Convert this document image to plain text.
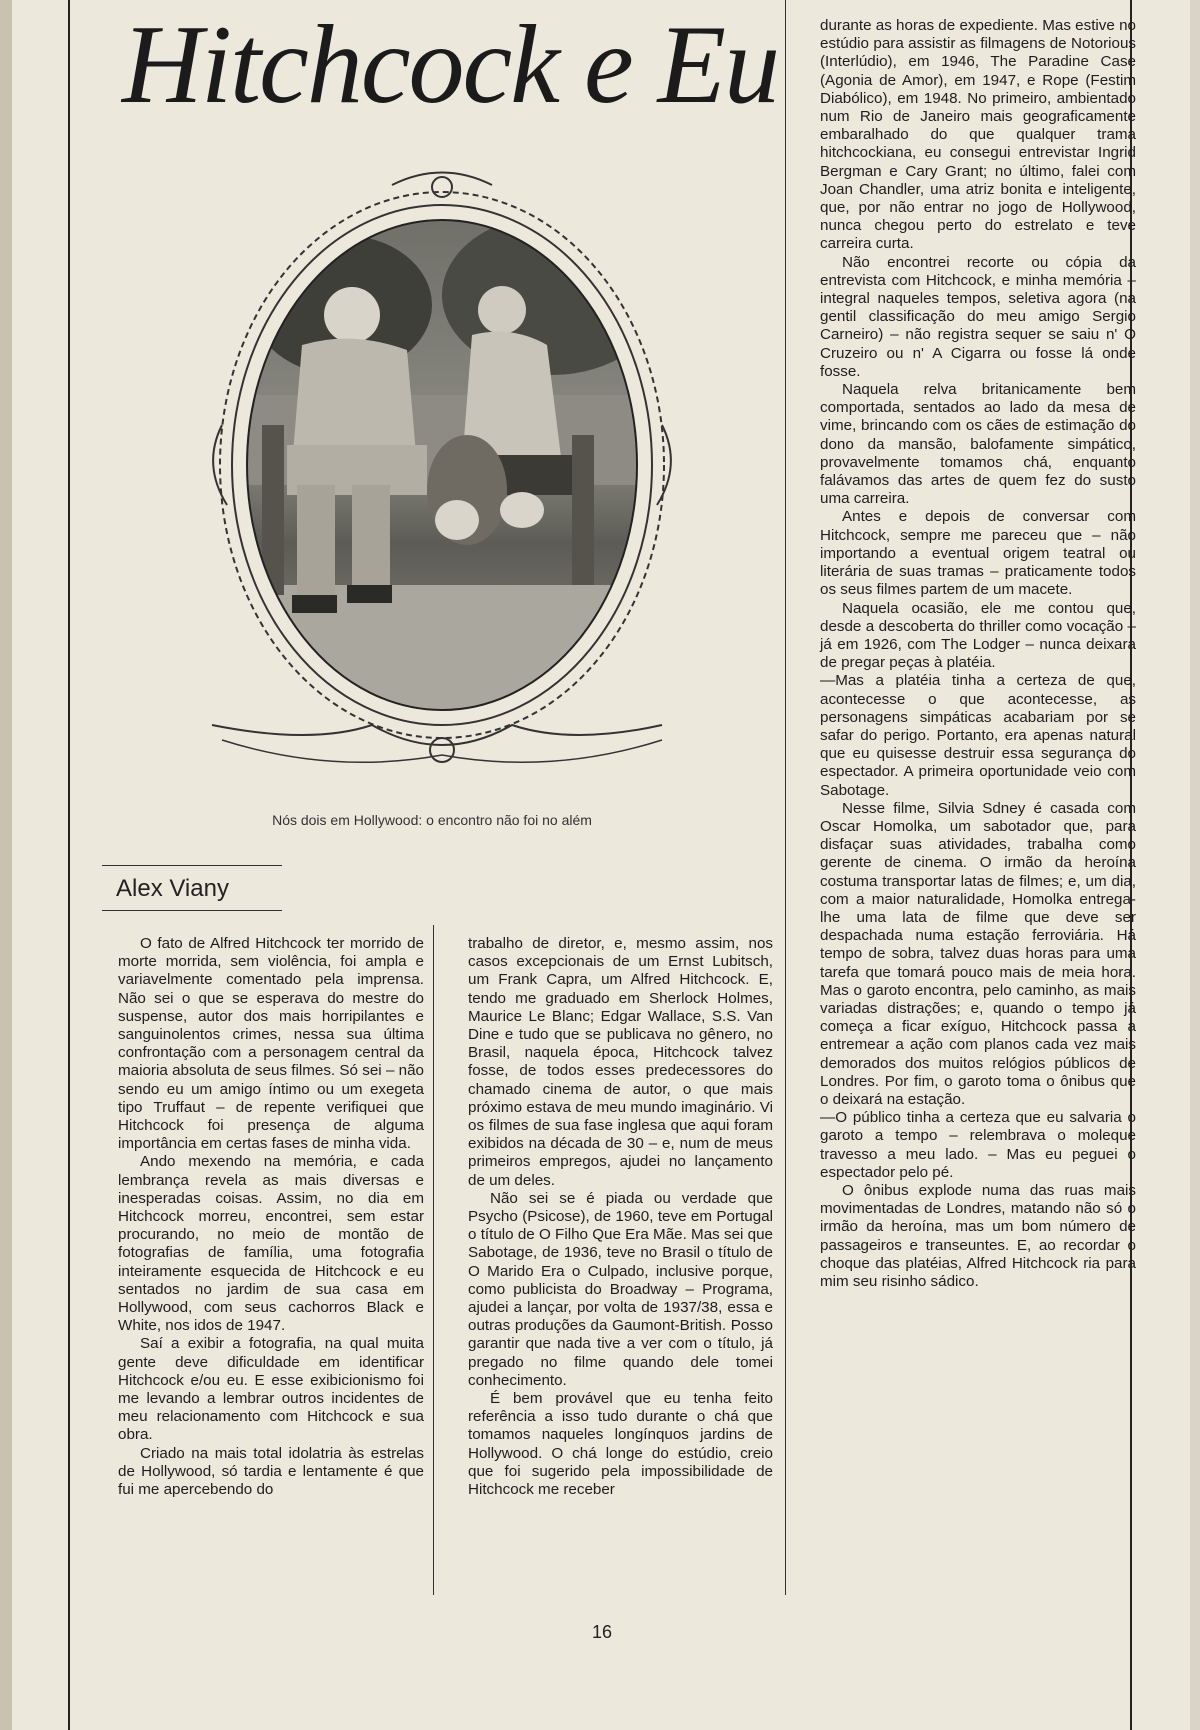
Hitchcock e Eu
Nós dois em Hollywood: o encontro não foi no além
Alex Viany

O fato de Alfred Hitchcock ter morrido de morte morrida, sem violência, foi ampla e variavelmente comentado pela imprensa. Não sei o que se esperava do mestre do suspense, autor dos mais horripilantes e sanguinolentos crimes, nessa sua última confrontação com a personagem central da maioria absoluta de seus filmes. Só sei – não sendo eu um amigo íntimo ou um exegeta tipo Truffaut – de repente verifiquei que Hitchcock foi presença de alguma importância em certas fases de minha vida.

Ando mexendo na memória, e cada lembrança revela as mais diversas e inesperadas coisas. Assim, no dia em Hitchcock morreu, encontrei, sem estar procurando, no meio de montão de fotografias de família, uma fotografia inteiramente esquecida de Hitchcock e eu sentados no jardim de sua casa em Hollywood, com seus cachorros Black e White, nos idos de 1947.

Saí a exibir a fotografia, na qual muita gente deve dificuldade em identificar Hitchcock e/ou eu. E esse exibicionismo foi me levando a lembrar outros incidentes de meu relacionamento com Hitchcock e sua obra.

Criado na mais total idolatria às estrelas de Hollywood, só tardia e lentamente é que fui me apercebendo do

trabalho de diretor, e, mesmo assim, nos casos excepcionais de um Ernst Lubitsch, um Frank Capra, um Alfred Hitchcock. E, tendo me graduado em Sherlock Holmes, Maurice Le Blanc; Edgar Wallace, S.S. Van Dine e tudo que se publicava no gênero, no Brasil, naquela época, Hitchcock talvez fosse, de todos esses predecessores do chamado cinema de autor, o que mais próximo estava de meu mundo imaginário. Vi os filmes de sua fase inglesa que aqui foram exibidos na década de 30 – e, num de meus primeiros empregos, ajudei no lançamento de um deles.

Não sei se é piada ou verdade que Psycho (Psicose), de 1960, teve em Portugal o título de O Filho Que Era Mãe. Mas sei que Sabotage, de 1936, teve no Brasil o título de O Marido Era o Culpado, inclusive porque, como publicista do Broadway – Programa, ajudei a lançar, por volta de 1937/38, essa e outras produções da Gaumont-British. Posso garantir que nada tive a ver com o título, já pregado no filme quando dele tomei conhecimento.

É bem provável que eu tenha feito referência a isso tudo durante o chá que tomamos naqueles longínquos jardins de Hollywood. O chá longe do estúdio, creio que foi sugerido pela impossibilidade de Hitchcock me receber

durante as horas de expediente. Mas estive no estúdio para assistir as filmagens de Notorious (Interlúdio), em 1946, The Paradine Case (Agonia de Amor), em 1947, e Rope (Festim Diabólico), em 1948. No primeiro, ambientado num Rio de Janeiro mais geograficamente embaralhado do que qualquer trama hitchcockiana, eu consegui entrevistar Ingrid Bergman e Cary Grant; no último, falei com Joan Chandler, uma atriz bonita e inteligente, que, por não entrar no jogo de Hollywood, nunca chegou perto do estrelato e teve carreira curta.

Não encontrei recorte ou cópia da entrevista com Hitchcock, e minha memória – integral naqueles tempos, seletiva agora (na gentil classificação do meu amigo Sergio Carneiro) – não registra sequer se saiu n' O Cruzeiro ou n' A Cigarra ou fosse lá onde fosse.

Naquela relva britanicamente bem comportada, sentados ao lado da mesa de vime, brincando com os cães de estimação do dono da mansão, balofamente simpático, provavelmente tomamos chá, enquanto falávamos das artes de quem fez do susto uma carreira.

Antes e depois de conversar com Hitchcock, sempre me pareceu que – não importando a eventual origem teatral ou literária de suas tramas – praticamente todos os seus filmes partem de um macete.

Naquela ocasião, ele me contou que, desde a descoberta do thriller como vocação – já em 1926, com The Lodger – nunca deixara de pregar peças à platéia.

—Mas a platéia tinha a certeza de que, acontecesse o que acontecesse, as personagens simpáticas acabariam por se safar do perigo. Portanto, era apenas natural que eu quisesse destruir essa segurança do espectador. A primeira oportunidade veio com Sabotage.

Nesse filme, Silvia Sdney é casada com Oscar Homolka, um sabotador que, para disfaçar suas atividades, trabalha como gerente de cinema. O irmão da heroína costuma transportar latas de filmes; e, um dia, com a maior naturalidade, Homolka entrega-lhe uma lata de filme que deve ser despachada numa estação ferroviária. Há tempo de sobra, talvez duas horas para uma tarefa que tomará pouco mais de meia hora. Mas o garoto encontra, pelo caminho, as mais variadas distrações; e, quando o tempo já começa a ficar exíguo, Hitchcock passa a entremear a ação com planos cada vez mais demorados dos muitos relógios públicos de Londres. Por fim, o garoto toma o ônibus que o deixará na estação.

—O público tinha a certeza que eu salvaria o garoto a tempo – relembrava o moleque travesso a meu lado. – Mas eu peguei o espectador pelo pé.

O ônibus explode numa das ruas mais movimentadas de Londres, matando não só o irmão da heroína, mas um bom número de passageiros e transeuntes. E, ao recordar o choque das platéias, Alfred Hitchcock ria para mim seu risinho sádico.

16
